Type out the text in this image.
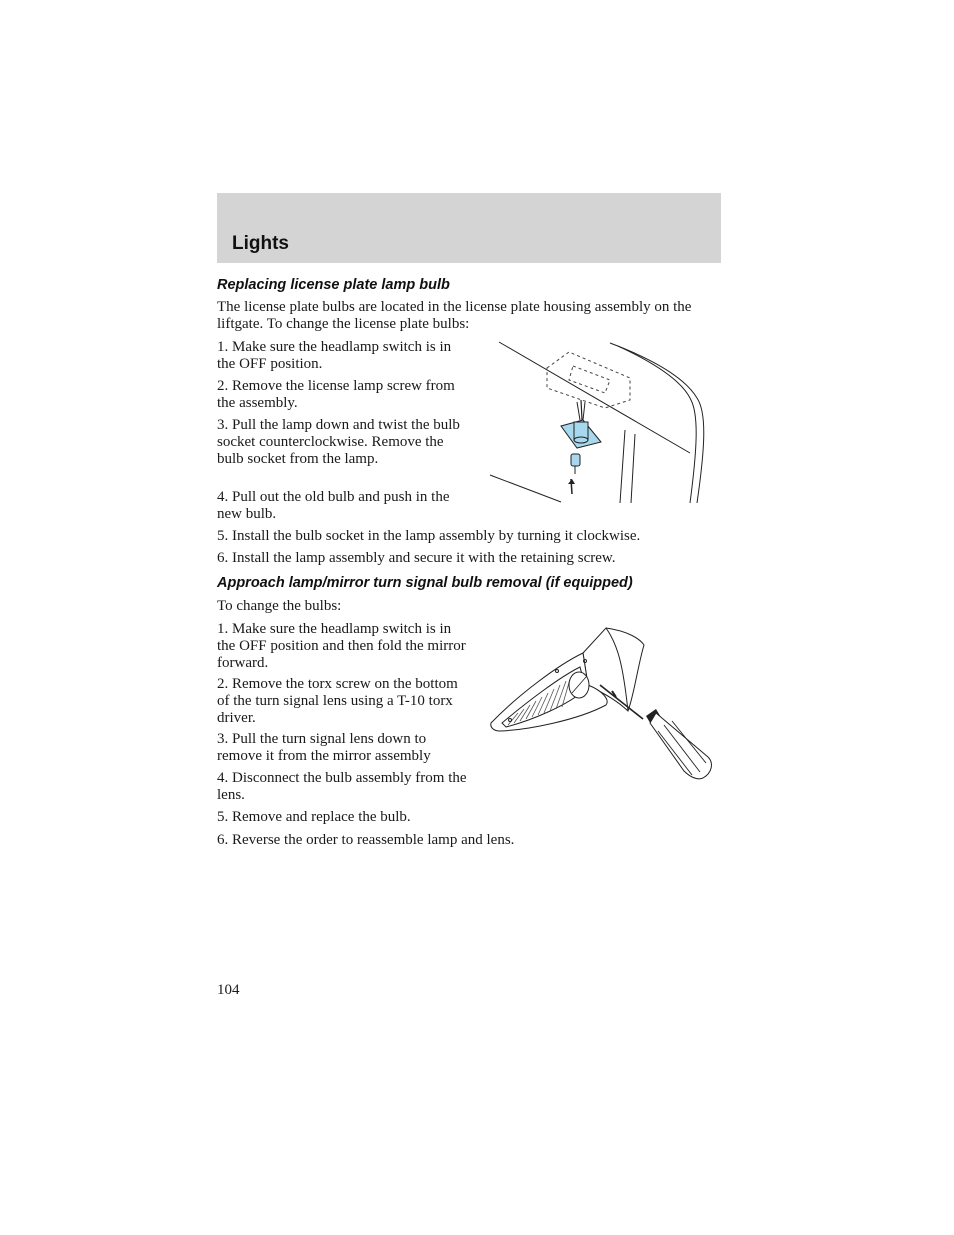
Lights
Replacing license plate lamp bulb
The license plate bulbs are located in the license plate housing assembly on the liftgate. To change the license plate bulbs:
1. Make sure the headlamp switch is in the OFF position.
2. Remove the license lamp screw from the assembly.
3. Pull the lamp down and twist the bulb socket counterclockwise. Remove the bulb socket from the lamp.
4. Pull out the old bulb and push in the new bulb.
5. Install the bulb socket in the lamp assembly by turning it clockwise.
6. Install the lamp assembly and secure it with the retaining screw.
Approach lamp/mirror turn signal bulb removal (if equipped)
To change the bulbs:
1. Make sure the headlamp switch is in the OFF position and then fold the mirror forward.
2. Remove the torx screw on the bottom of the turn signal lens using a T-10 torx driver.
3. Pull the turn signal lens down to remove it from the mirror assembly
4. Disconnect the bulb assembly from the lens.
5. Remove and replace the bulb.
6. Reverse the order to reassemble lamp and lens.
104
